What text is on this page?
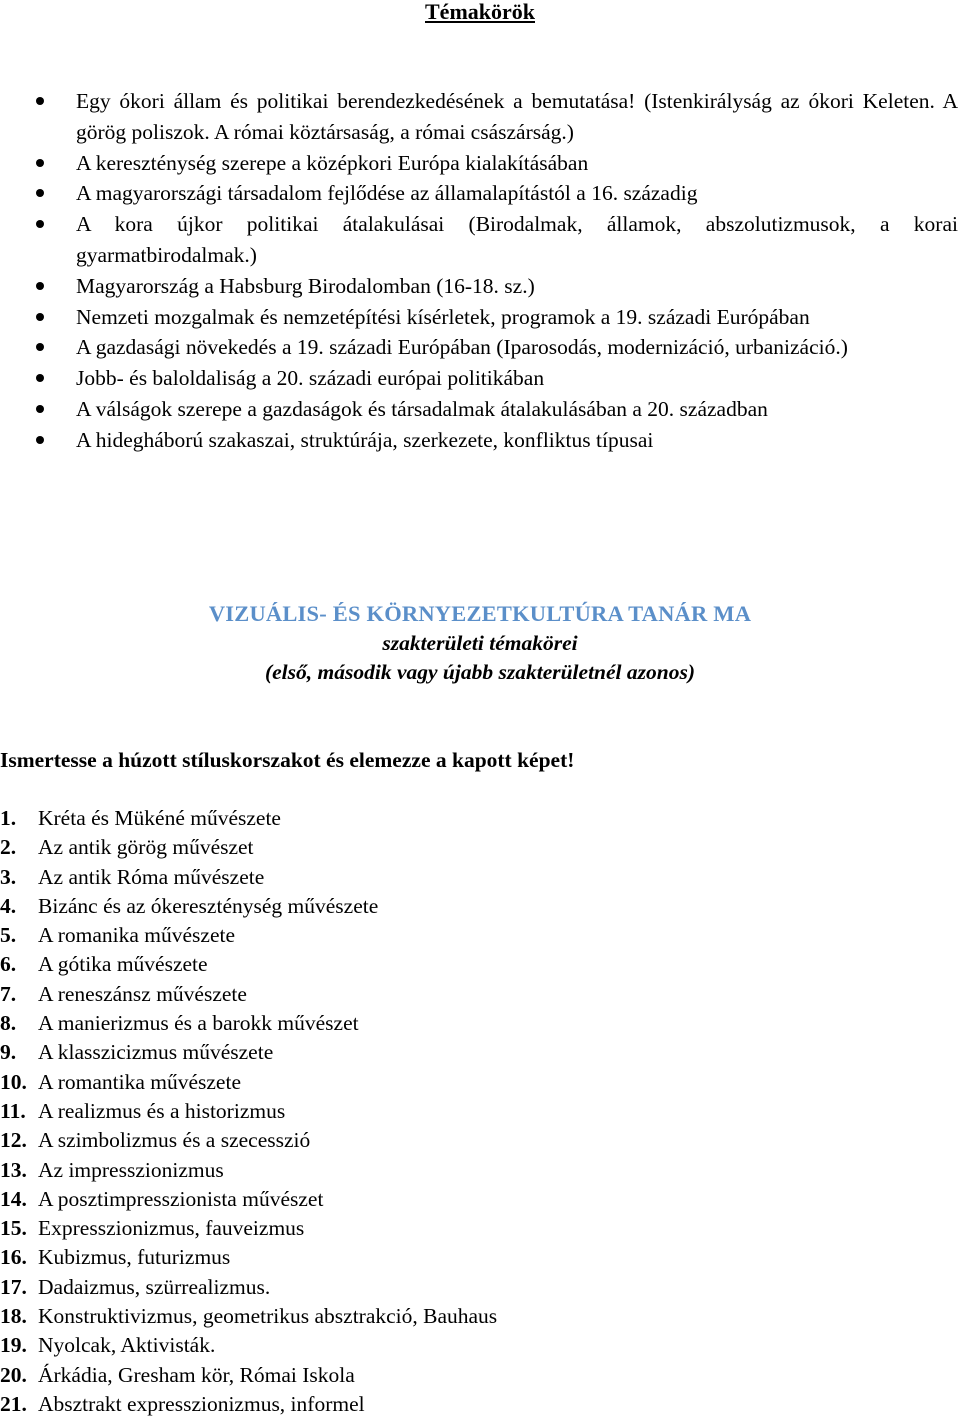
Témakörök
Egy ókori állam és politikai berendezkedésének a bemutatása! (Istenkirályság az ókori Keleten. A görög poliszok. A római köztársaság, a római császárság.)
A kereszténység szerepe a középkori Európa kialakításában
A magyarországi társadalom fejlődése az államalapítástól a 16. századig
A kora újkor politikai átalakulásai (Birodalmak, államok, abszolutizmusok, a korai gyarmatbirodalmak.)
Magyarország a Habsburg Birodalomban (16-18. sz.)
Nemzeti mozgalmak és nemzetépítési kísérletek, programok a 19. századi Európában
A gazdasági növekedés a 19. századi Európában (Iparosodás, modernizáció, urbanizáció.)
Jobb- és baloldaliság a 20. századi európai politikában
A válságok szerepe a gazdaságok és társadalmak átalakulásában a 20. században
A hidegháború szakaszai, struktúrája, szerkezete, konfliktus típusai
VIZUÁLIS- ÉS KÖRNYEZETKULTÚRA TANÁR MA
szakterületi témakörei
(első, második vagy újabb szakterületnél azonos)
Ismertesse a húzott stíluskorszakot és elemezze a kapott képet!
1. Kréta és Mükéné művészete
2. Az antik görög művészet
3. Az antik Róma művészete
4. Bizánc és az ókereszténység művészete
5. A romanika művészete
6. A gótika művészete
7. A reneszánsz művészete
8. A manierizmus és a barokk művészet
9. A klasszicizmus művészete
10. A romantika művészete
11. A realizmus és a historizmus
12. A szimbolizmus és a szecesszió
13. Az impresszionizmus
14. A posztimpresszionista művészet
15. Expresszionizmus, fauveizmus
16. Kubizmus, futurizmus
17. Dadaizmus, szürrealizmus.
18. Konstruktivizmus, geometrikus absztrakció, Bauhaus
19. Nyolcak, Aktivisták.
20. Árkádia, Gresham kör, Római Iskola
21. Absztrakt expresszionizmus, informel
